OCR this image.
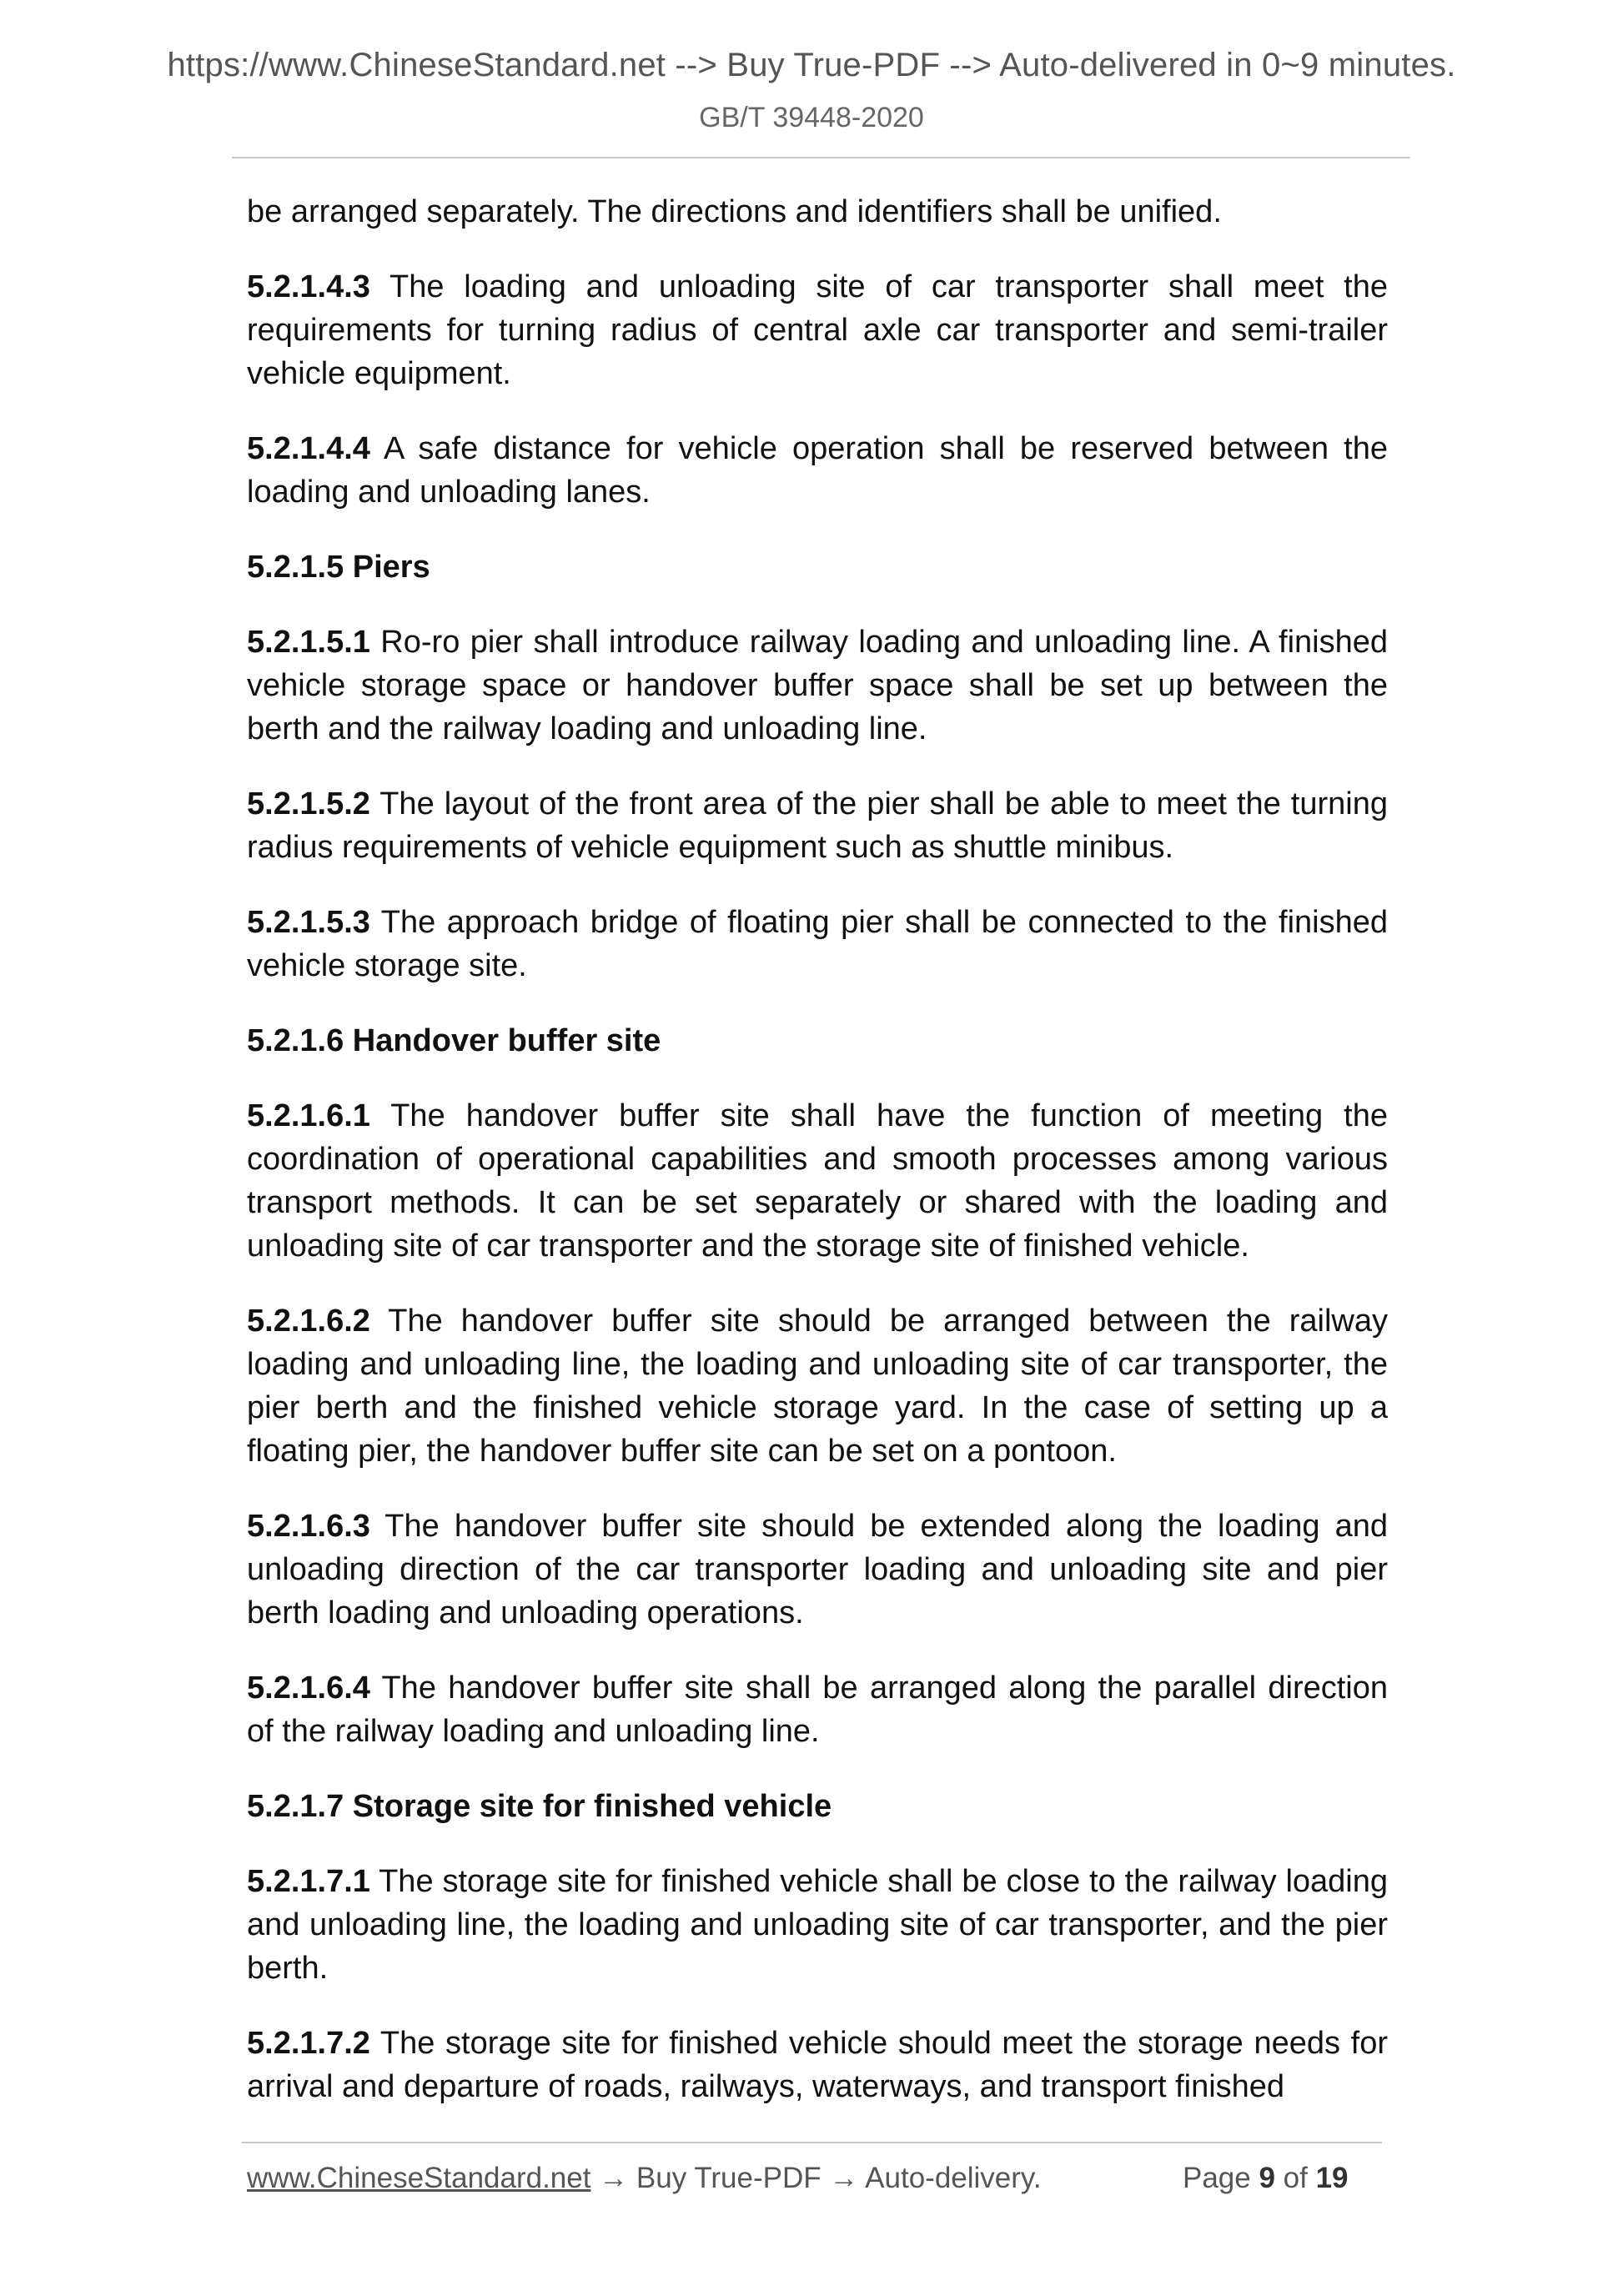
https://www.ChineseStandard.net --> Buy True-PDF --> Auto-delivered in 0~9 minutes.
GB/T 39448-2020

be arranged separately. The directions and identifiers shall be unified.

5.2.1.4.3 The loading and unloading site of car transporter shall meet the requirements for turning radius of central axle car transporter and semi-trailer vehicle equipment.

5.2.1.4.4 A safe distance for vehicle operation shall be reserved between the loading and unloading lanes.

5.2.1.5 Piers

5.2.1.5.1 Ro-ro pier shall introduce railway loading and unloading line. A finished vehicle storage space or handover buffer space shall be set up between the berth and the railway loading and unloading line.

5.2.1.5.2 The layout of the front area of the pier shall be able to meet the turning radius requirements of vehicle equipment such as shuttle minibus.

5.2.1.5.3 The approach bridge of floating pier shall be connected to the finished vehicle storage site.

5.2.1.6 Handover buffer site

5.2.1.6.1 The handover buffer site shall have the function of meeting the coordination of operational capabilities and smooth processes among various transport methods. It can be set separately or shared with the loading and unloading site of car transporter and the storage site of finished vehicle.

5.2.1.6.2 The handover buffer site should be arranged between the railway loading and unloading line, the loading and unloading site of car transporter, the pier berth and the finished vehicle storage yard. In the case of setting up a floating pier, the handover buffer site can be set on a pontoon.

5.2.1.6.3 The handover buffer site should be extended along the loading and unloading direction of the car transporter loading and unloading site and pier berth loading and unloading operations.

5.2.1.6.4 The handover buffer site shall be arranged along the parallel direction of the railway loading and unloading line.

5.2.1.7 Storage site for finished vehicle

5.2.1.7.1 The storage site for finished vehicle shall be close to the railway loading and unloading line, the loading and unloading site of car transporter, and the pier berth.

5.2.1.7.2 The storage site for finished vehicle should meet the storage needs for arrival and departure of roads, railways, waterways, and transport finished

www.ChineseStandard.net → Buy True-PDF → Auto-delivery.	Page 9 of 19
